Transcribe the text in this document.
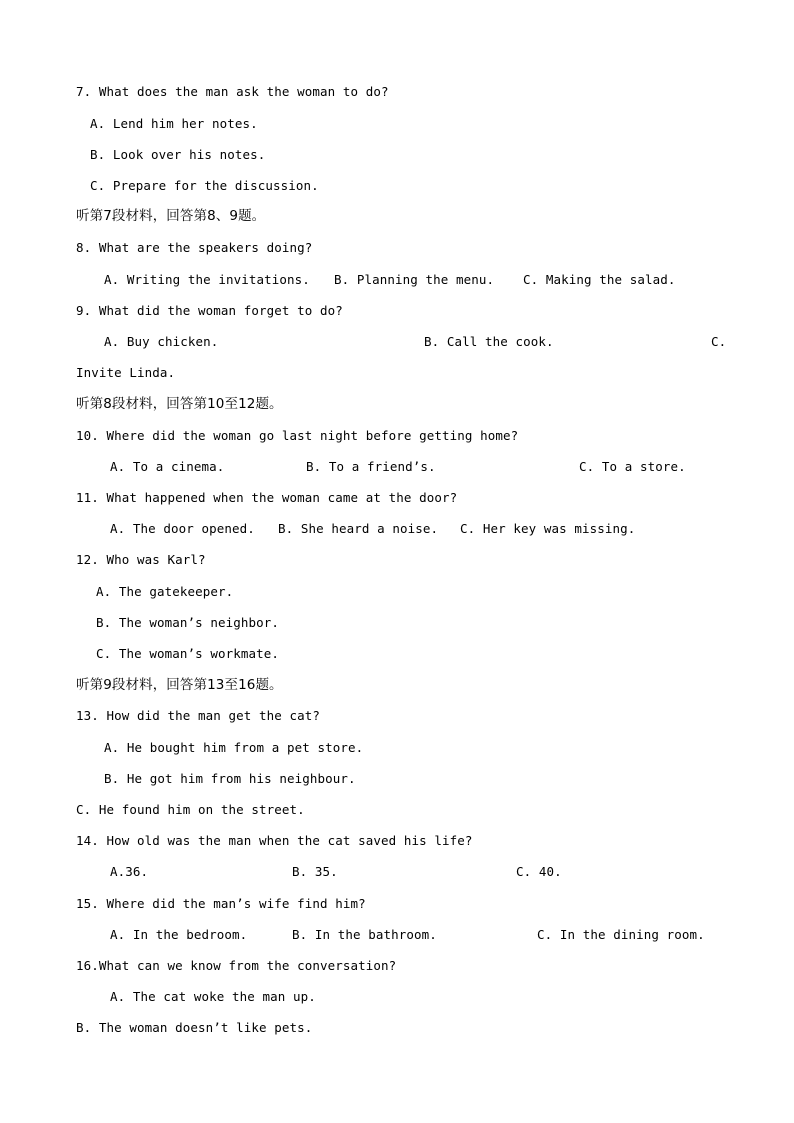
7. What does the man ask the woman to do?
A. Lend him her notes.
B. Look over his notes.
C. Prepare for the discussion.
听第7段材料，回答第8、9题。
8. What are the speakers doing?
A. Writing the invitations. B. Planning the menu. C. Making the salad.
9. What did the woman forget to do?
A. Buy chicken.	B. Call the cook.	C.
Invite Linda.
听第8段材料，回答第10至12题。
10. Where did the woman go last night before getting home?
A. To a cinema.	B. To a friend’s.	C. To a store.
11. What happened when the woman came at the door?
A. The door opened. B. She heard a noise. C. Her key was missing.
12. Who was Karl?
A. The gatekeeper.
B. The woman’s neighbor.
C. The woman’s workmate.
听第9段材料，回答第13至16题。
13. How did the man get the cat?
A. He bought him from a pet store.
B. He got him from his neighbour.
C. He found him on the street.
14. How old was the man when the cat saved his life?
A.36.	B. 35.	C. 40.
15. Where did the man’s wife find him?
A. In the bedroom.	B. In the bathroom.	C. In the dining room.
16.What can we know from the conversation?
A. The cat woke the man up.
B. The woman doesn’t like pets.
